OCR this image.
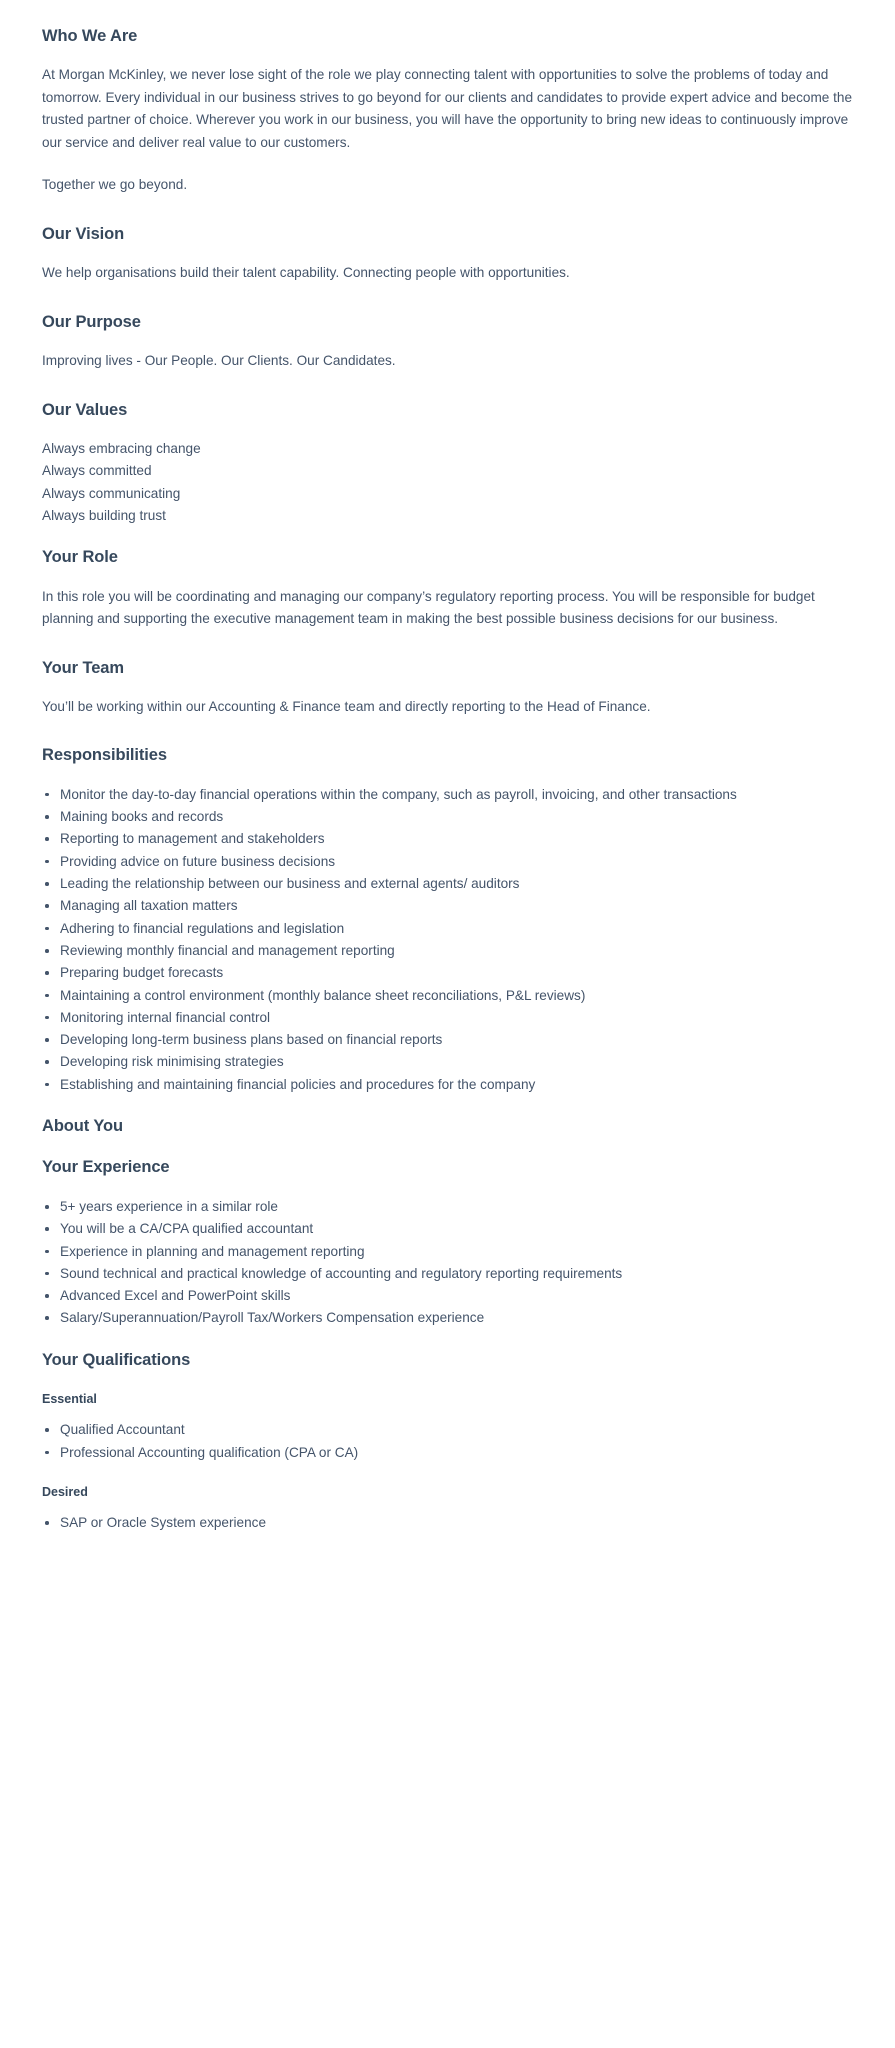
Who We Are

At Morgan McKinley, we never lose sight of the role we play connecting talent with opportunities to solve the problems of today and tomorrow. Every individual in our business strives to go beyond for our clients and candidates to provide expert advice and become the trusted partner of choice. Wherever you work in our business, you will have the opportunity to bring new ideas to continuously improve our service and deliver real value to our customers.

Together we go beyond.

Our Vision

We help organisations build their talent capability. Connecting people with opportunities.

Our Purpose

Improving lives - Our People. Our Clients. Our Candidates.

Our Values
Always embracing change
Always committed
Always communicating
Always building trust
Your Role

In this role you will be coordinating and managing our company’s regulatory reporting process. You will be responsible for budget planning and supporting the executive management team in making the best possible business decisions for our business.

Your Team

You’ll be working within our Accounting & Finance team and directly reporting to the Head of Finance.

Responsibilities
Monitor the day-to-day financial operations within the company, such as payroll, invoicing, and other transactions
Maining books and records
Reporting to management and stakeholders
Providing advice on future business decisions
Leading the relationship between our business and external agents/ auditors
Managing all taxation matters
Adhering to financial regulations and legislation
Reviewing monthly financial and management reporting
Preparing budget forecasts
Maintaining a control environment (monthly balance sheet reconciliations, P&L reviews)
Monitoring internal financial control
Developing long-term business plans based on financial reports
Developing risk minimising strategies
Establishing and maintaining financial policies and procedures for the company
About You
Your Experience
5+ years experience in a similar role
You will be a CA/CPA qualified accountant
Experience in planning and management reporting
Sound technical and practical knowledge of accounting and regulatory reporting requirements
Advanced Excel and PowerPoint skills
Salary/Superannuation/Payroll Tax/Workers Compensation experience
Your Qualifications
Essential
Qualified Accountant
Professional Accounting qualification (CPA or CA)
Desired
SAP or Oracle System experience
